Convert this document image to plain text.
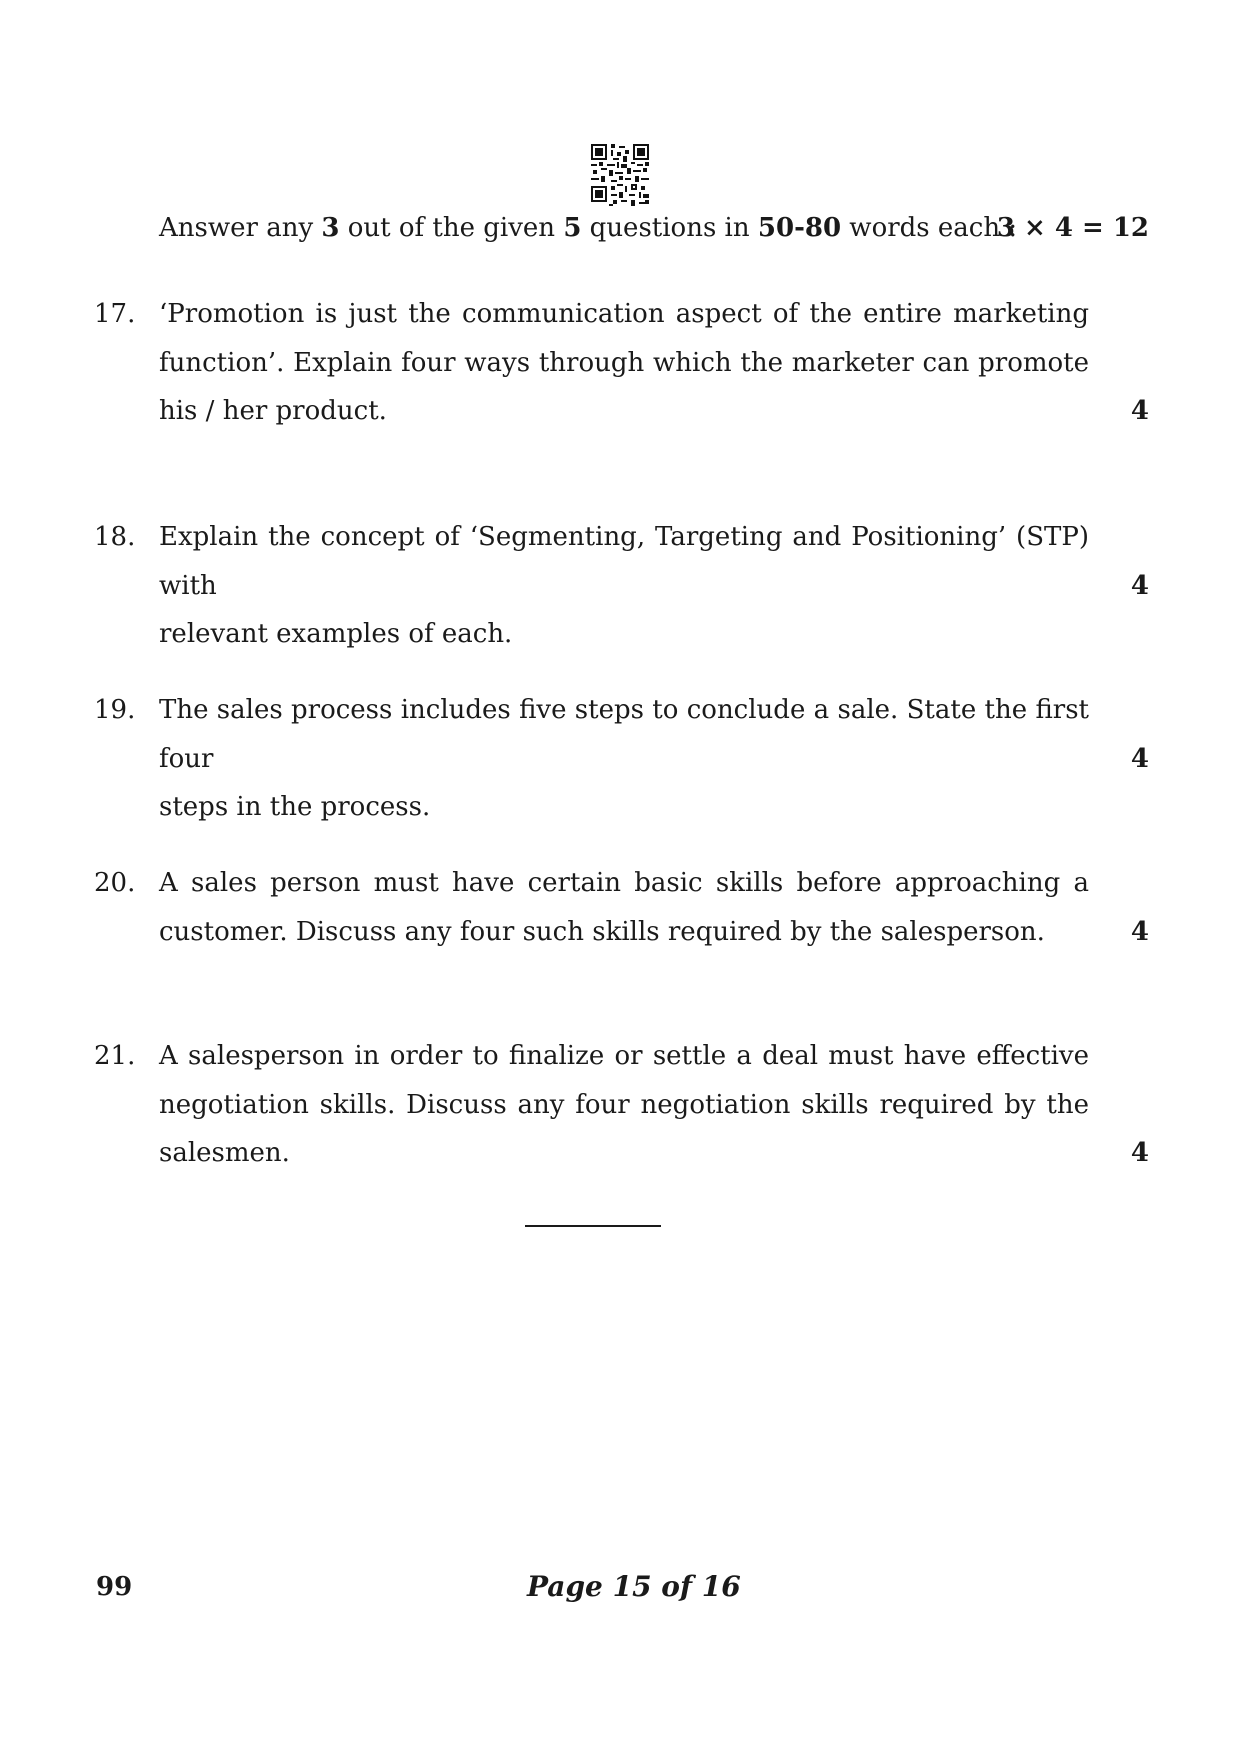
Answer any 3 out of the given 5 questions in 50-80 words each :
3 × 4 = 12
17. ‘Promotion is just the communication aspect of the entire marketing
function’. Explain four ways through which the marketer can promote
his / her product.	4
18. Explain the concept of ‘Segmenting, Targeting and Positioning’ (STP) with
relevant examples of each.
4
19. The sales process includes five steps to conclude a sale. State the first four
steps in the process.
4
20. A sales person must have certain basic skills before approaching a
customer. Discuss any four such skills required by the salesperson.	4
21. A salesperson in order to finalize or settle a deal must have effective
negotiation skills. Discuss any four negotiation skills required by the
salesmen.	4
99	Page 15 of 16
